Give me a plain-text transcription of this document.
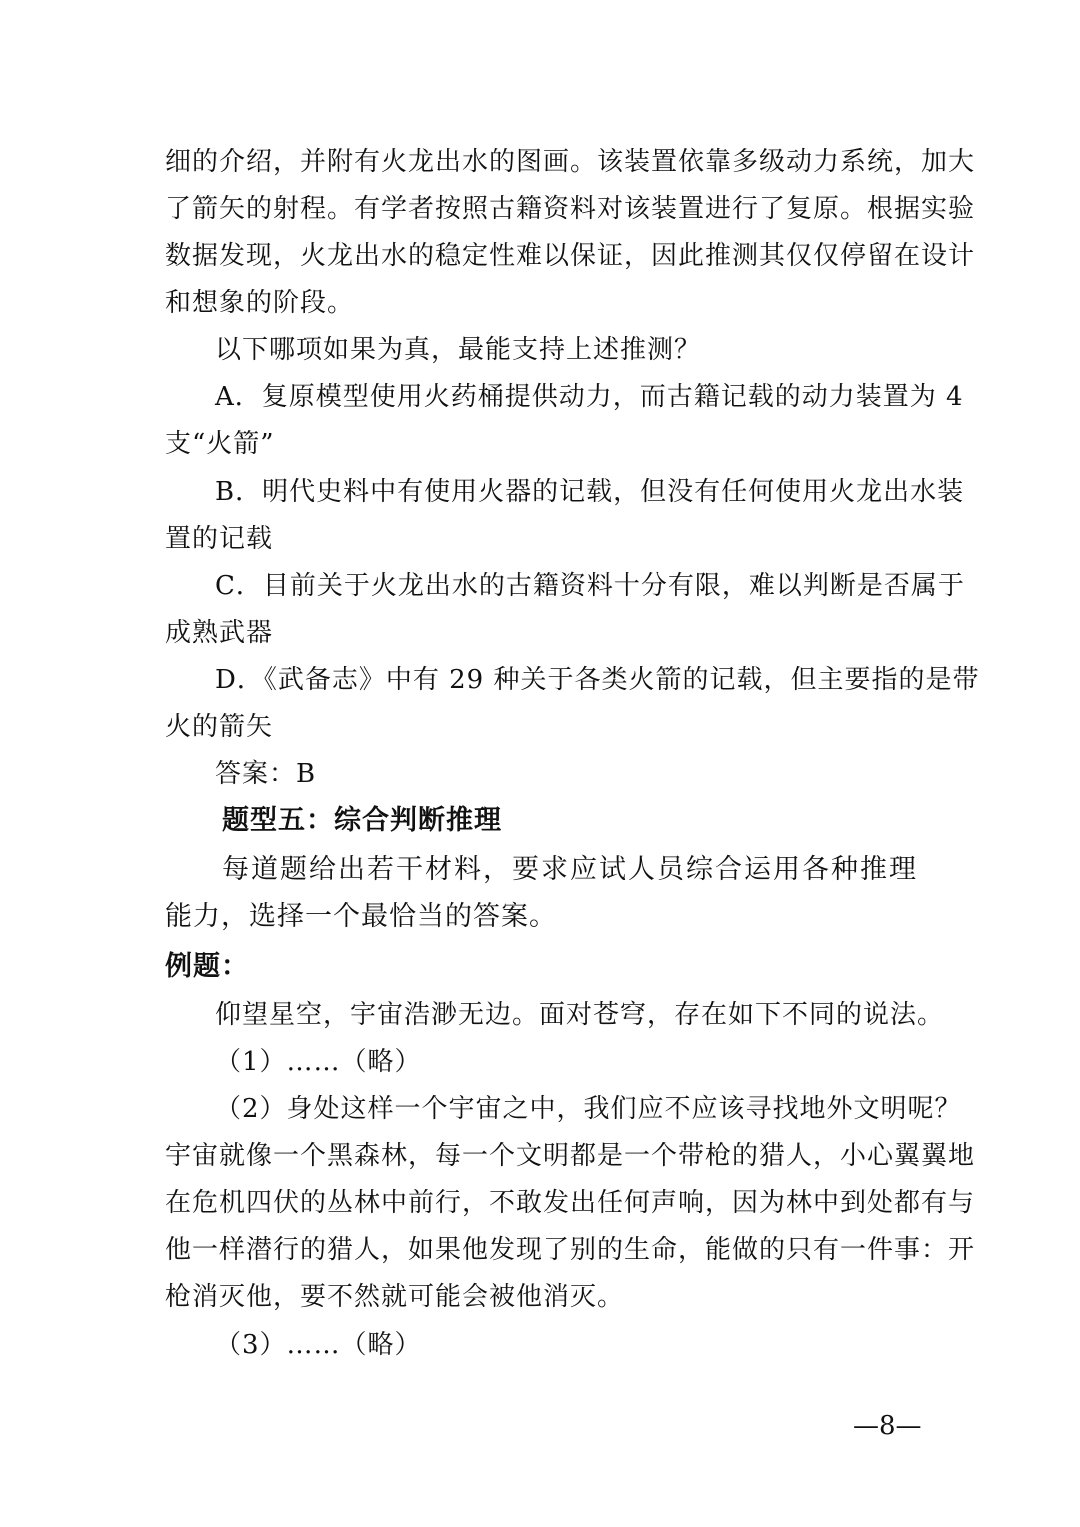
细的介绍，并附有火龙出水的图画。该装置依靠多级动力系统，加大
了箭矢的射程。有学者按照古籍资料对该装置进行了复原。根据实验
数据发现，火龙出水的稳定性难以保证，因此推测其仅仅停留在设计
和想象的阶段。
以下哪项如果为真，最能支持上述推测？
A．复原模型使用火药桶提供动力，而古籍记载的动力装置为 4
支“火箭”
B．明代史料中有使用火器的记载，但没有任何使用火龙出水装
置的记载
C．目前关于火龙出水的古籍资料十分有限，难以判断是否属于
成熟武器
D．《武备志》中有 29 种关于各类火箭的记载，但主要指的是带
火的箭矢
答案：B
题型五：综合判断推理
每道题给出若干材料，要求应试人员综合运用各种推理
能力，选择一个最恰当的答案。
例题：
仰望星空，宇宙浩渺无边。面对苍穹，存在如下不同的说法。
（1）……（略）
（2）身处这样一个宇宙之中，我们应不应该寻找地外文明呢？
宇宙就像一个黑森林，每一个文明都是一个带枪的猎人，小心翼翼地
在危机四伏的丛林中前行，不敢发出任何声响，因为林中到处都有与
他一样潜行的猎人，如果他发现了别的生命，能做的只有一件事：开
枪消灭他，要不然就可能会被他消灭。
（3）……（略）
—8—
